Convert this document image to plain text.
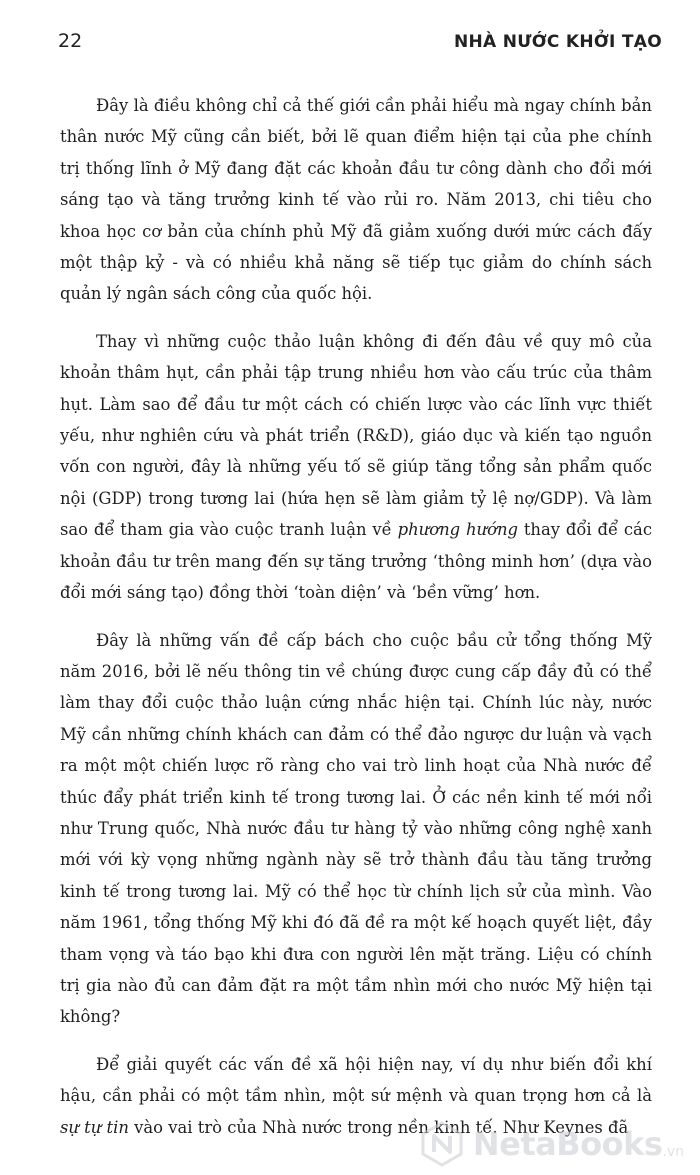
22	NHÀ NƯỚC KHỞI TẠO

Đây là điều không chỉ cả thế giới cần phải hiểu mà ngay chính bản thân nước Mỹ cũng cần biết, bởi lẽ quan điểm hiện tại của phe chính trị thống lĩnh ở Mỹ đang đặt các khoản đầu tư công dành cho đổi mới sáng tạo và tăng trưởng kinh tế vào rủi ro. Năm 2013, chi tiêu cho khoa học cơ bản của chính phủ Mỹ đã giảm xuống dưới mức cách đấy một thập kỷ - và có nhiều khả năng sẽ tiếp tục giảm do chính sách quản lý ngân sách công của quốc hội.

Thay vì những cuộc thảo luận không đi đến đâu về quy mô của khoản thâm hụt, cần phải tập trung nhiều hơn vào cấu trúc của thâm hụt. Làm sao để đầu tư một cách có chiến lược vào các lĩnh vực thiết yếu, như nghiên cứu và phát triển (R&D), giáo dục và kiến tạo nguồn vốn con người, đây là những yếu tố sẽ giúp tăng tổng sản phẩm quốc nội (GDP) trong tương lai (hứa hẹn sẽ làm giảm tỷ lệ nợ/GDP). Và làm sao để tham gia vào cuộc tranh luận về phương hướng thay đổi để các khoản đầu tư trên mang đến sự tăng trưởng ‘thông minh hơn’ (dựa vào đổi mới sáng tạo) đồng thời ‘toàn diện’ và ‘bền vững’ hơn.

Đây là những vấn đề cấp bách cho cuộc bầu cử tổng thống Mỹ năm 2016, bởi lẽ nếu thông tin về chúng được cung cấp đầy đủ có thể làm thay đổi cuộc thảo luận cứng nhắc hiện tại. Chính lúc này, nước Mỹ cần những chính khách can đảm có thể đảo ngược dư luận và vạch ra một một chiến lược rõ ràng cho vai trò linh hoạt của Nhà nước để thúc đẩy phát triển kinh tế trong tương lai. Ở các nền kinh tế mới nổi như Trung quốc, Nhà nước đầu tư hàng tỷ vào những công nghệ xanh mới với kỳ vọng những ngành này sẽ trở thành đầu tàu tăng trưởng kinh tế trong tương lai. Mỹ có thể học từ chính lịch sử của mình. Vào năm 1961, tổng thống Mỹ khi đó đã đề ra một kế hoạch quyết liệt, đầy tham vọng và táo bạo khi đưa con người lên mặt trăng. Liệu có chính trị gia nào đủ can đảm đặt ra một tầm nhìn mới cho nước Mỹ hiện tại không?

Để giải quyết các vấn đề xã hội hiện nay, ví dụ như biến đổi khí hậu, cần phải có một tầm nhìn, một sứ mệnh và quan trọng hơn cả là sự tự tin vào vai trò của Nhà nước trong nền kinh tế. Như Keynes đã

NetaBooks .vn
